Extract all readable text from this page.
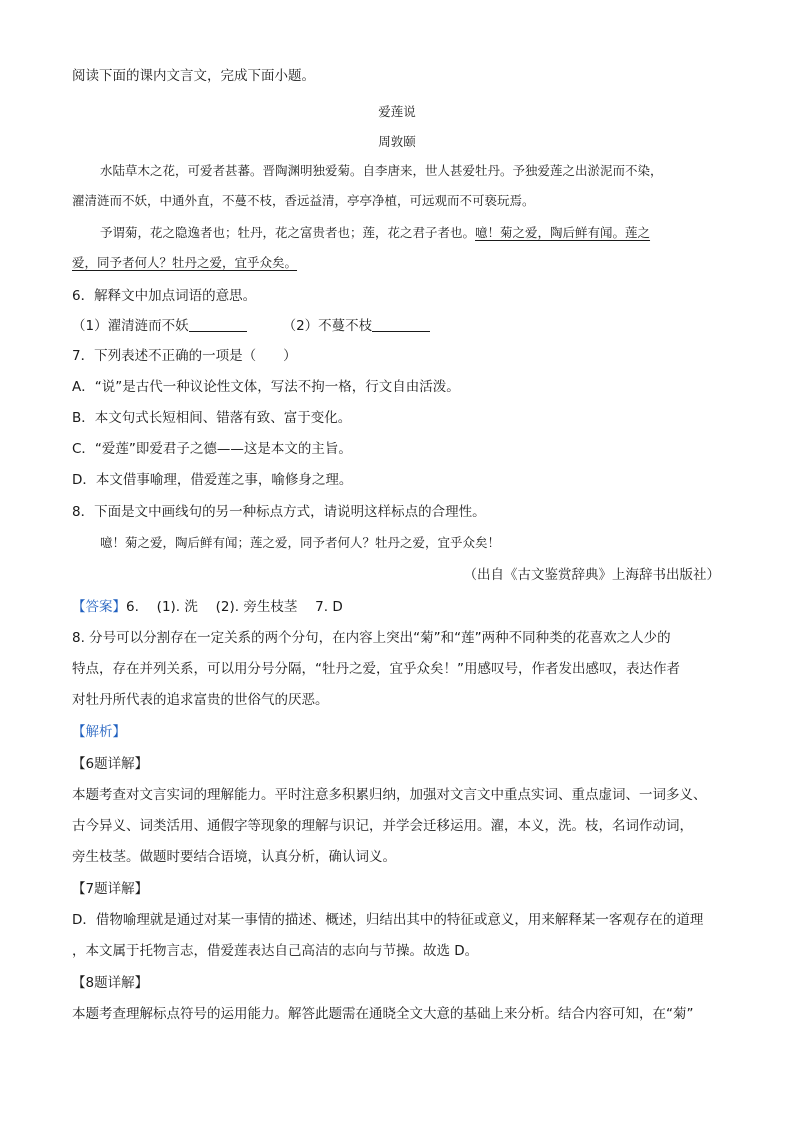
阅读下面的课内文言文，完成下面小题。
爱莲说
周敦颐
水陆草木之花，可爱者甚蕃。晋陶渊明独爱菊。自李唐来，世人甚爱牡丹。予独爱莲之出淤泥而不染，
濯清涟而不妖，中通外直，不蔓不枝，香远益清，亭亭净植，可远观而不可亵玩焉。
予谓菊，花之隐逸者也；牡丹，花之富贵者也；莲，花之君子者也。噫！菊之爱，陶后鲜有闻。莲之
爱，同予者何人？牡丹之爱，宜乎众矣。
6．解释文中加点词语的意思。
（1）濯清涟而不妖	（2）不蔓不枝
7．下列表述不正确的一项是（　　）
A．“说”是古代一种议论性文体，写法不拘一格，行文自由活泼。
B．本文句式长短相间、错落有致、富于变化。
C．“爱莲”即爱君子之德——这是本文的主旨。
D．本文借事喻理，借爱莲之事，喻修身之理。
8．下面是文中画线句的另一种标点方式，请说明这样标点的合理性。
噫！菊之爱，陶后鲜有闻；莲之爱，同予者何人？牡丹之爱，宜乎众矣！
（出自《古文鉴赏辞典》上海辞书出版社）
【答案】6.　 (1). 洗　 (2). 旁生枝茎　 7. D
8. 分号可以分割存在一定关系的两个分句，在内容上突出“菊”和“莲”两种不同种类的花喜欢之人少的
特点，存在并列关系，可以用分号分隔，“牡丹之爱，宜乎众矣！”用感叹号，作者发出感叹，表达作者
对牡丹所代表的追求富贵的世俗气的厌恶。
【解析】
【6题详解】
本题考查对文言实词的理解能力。平时注意多积累归纳，加强对文言文中重点实词、重点虚词、一词多义、
古今异义、词类活用、通假字等现象的理解与识记，并学会迁移运用。濯，本义，洗。枝，名词作动词，
旁生枝茎。做题时要结合语境，认真分析，确认词义。
【7题详解】
D．借物喻理就是通过对某一事情的描述、概述，归结出其中的特征或意义，用来解释某一客观存在的道理
，本文属于托物言志，借爱莲表达自己高洁的志向与节操。故选 D。
【8题详解】
本题考查理解标点符号的运用能力。解答此题需在通晓全文大意的基础上来分析。结合内容可知，在“菊”
